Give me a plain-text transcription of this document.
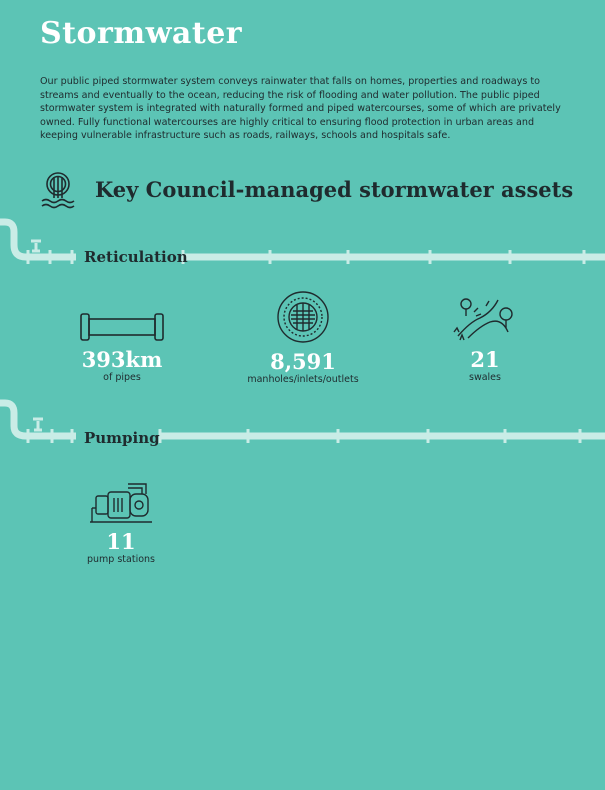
Stormwater
Our public piped stormwater system conveys rainwater that falls on homes, properties and roadways to streams and eventually to the ocean, reducing the risk of flooding and water pollution. The public piped stormwater system is integrated with naturally formed and piped watercourses, some of which are privately owned. Fully functional watercourses are highly critical to ensuring flood protection in urban areas and keeping vulnerable infrastructure such as roads, railways, schools and hospitals safe.
Key Council-managed stormwater assets
Reticulation
393km
of pipes
8,591
manholes/inlets/outlets
21
swales
Pumping
11
pump stations
